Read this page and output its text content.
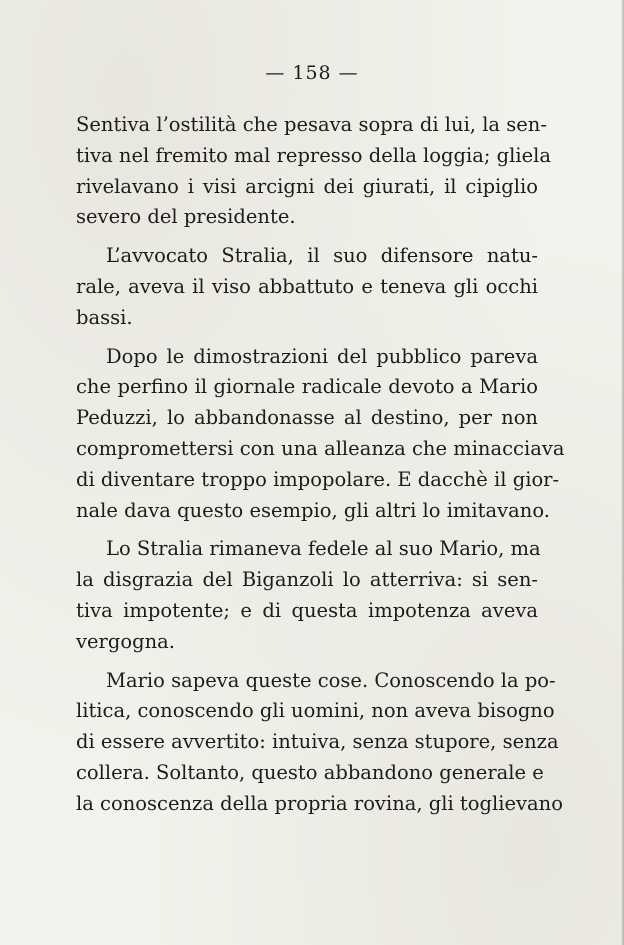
— 158 —
Sentiva l’ostilità che pesava sopra di lui, la sen-
tiva nel fremito mal represso della loggia; gliela
rivelavano i visi arcigni dei giurati, il cipiglio
severo del presidente.
L’avvocato Stralia, il suo difensore natu-
rale, aveva il viso abbattuto e teneva gli occhi
bassi.
Dopo le dimostrazioni del pubblico pareva
che perfino il giornale radicale devoto a Mario
Peduzzi, lo abbandonasse al destino, per non
compromettersi con una alleanza che minacciava
di diventare troppo impopolare. E dacchè il gior-
nale dava questo esempio, gli altri lo imitavano.
Lo Stralia rimaneva fedele al suo Mario, ma
la disgrazia del Biganzoli lo atterriva: si sen-
tiva impotente; e di questa impotenza aveva
vergogna.
Mario sapeva queste cose. Conoscendo la po-
litica, conoscendo gli uomini, non aveva bisogno
di essere avvertito: intuiva, senza stupore, senza
collera. Soltanto, questo abbandono generale e
la conoscenza della propria rovina, gli toglievano
